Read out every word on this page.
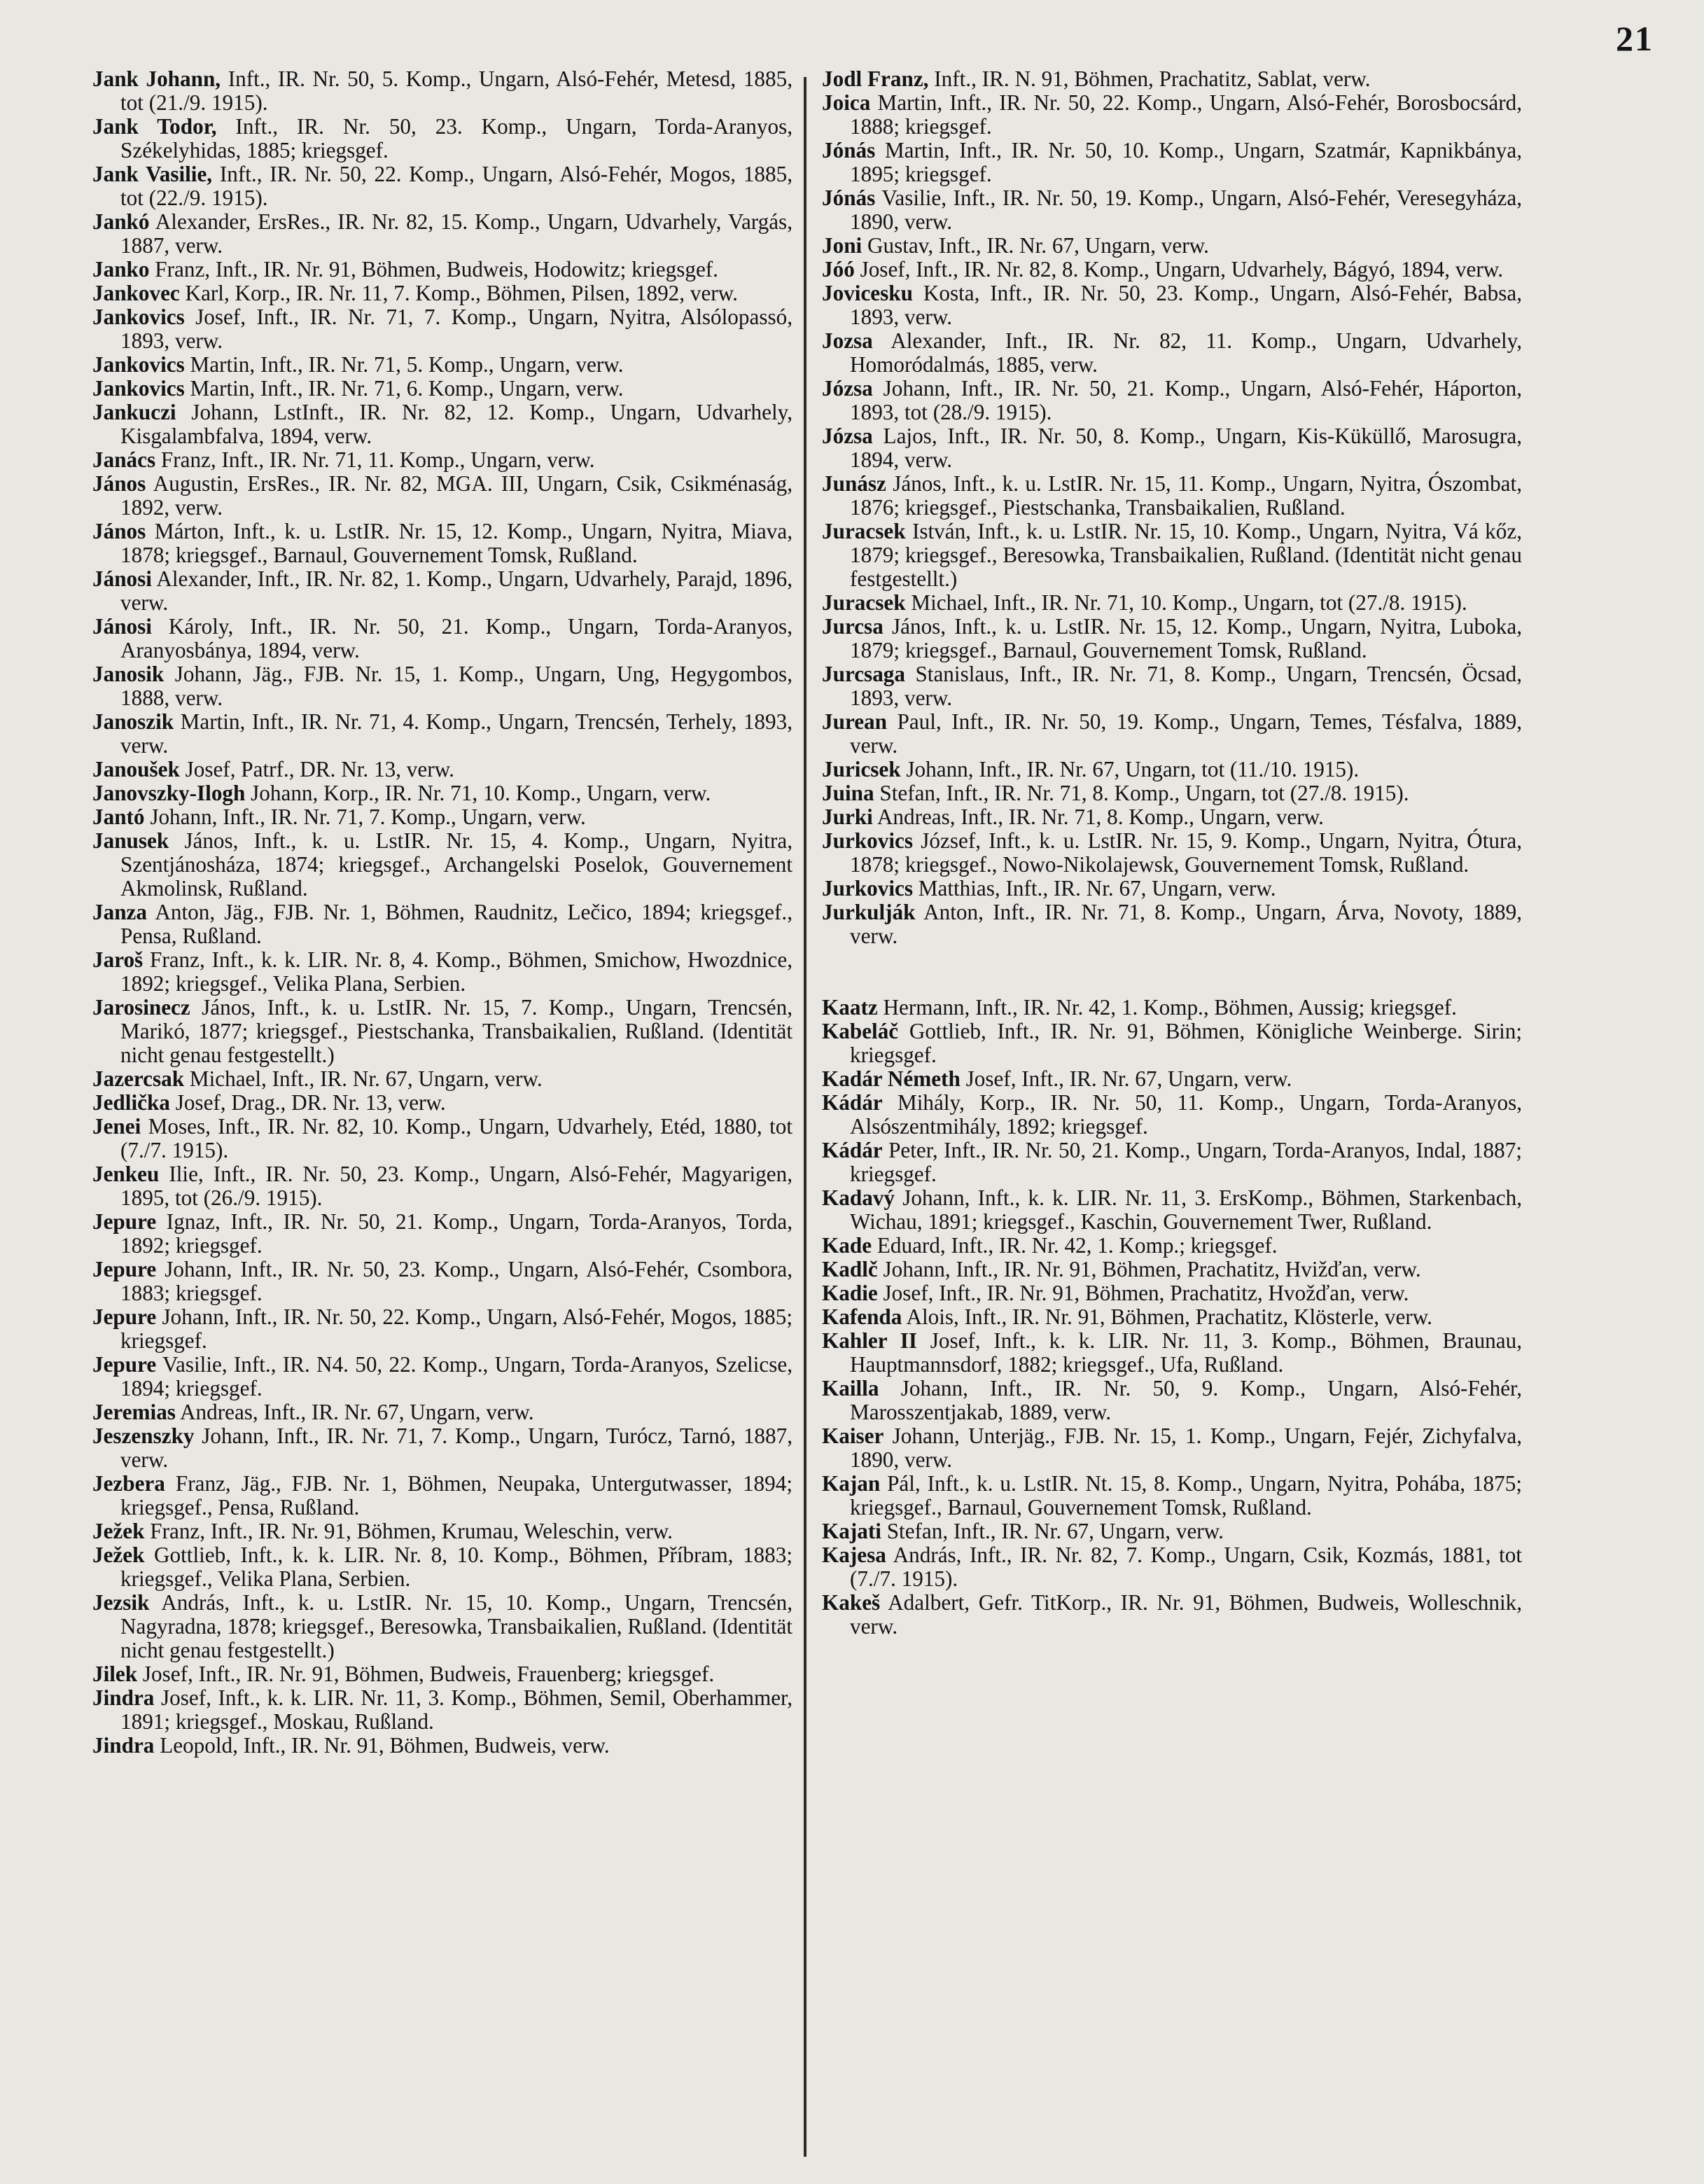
21

Jank Johann, Inft., IR. Nr. 50, 5. Komp., Ungarn, Alsó-Fehér, Metesd, 1885, tot (21./9. 1915).

Jank Todor, Inft., IR. Nr. 50, 23. Komp., Ungarn, Torda-Aranyos, Székelyhidas, 1885; kriegsgef.

Jank Vasilie, Inft., IR. Nr. 50, 22. Komp., Ungarn, Alsó-Fehér, Mogos, 1885, tot (22./9. 1915).

Jankó Alexander, ErsRes., IR. Nr. 82, 15. Komp., Ungarn, Udvarhely, Vargás, 1887, verw.

Janko Franz, Inft., IR. Nr. 91, Böhmen, Budweis, Hodowitz; kriegsgef.

Jankovec Karl, Korp., IR. Nr. 11, 7. Komp., Böhmen, Pilsen, 1892, verw.

Jankovics Josef, Inft., IR. Nr. 71, 7. Komp., Ungarn, Nyitra, Alsólopassó, 1893, verw.

Jankovics Martin, Inft., IR. Nr. 71, 5. Komp., Ungarn, verw.

Jankovics Martin, Inft., IR. Nr. 71, 6. Komp., Ungarn, verw.

Jankuczi Johann, LstInft., IR. Nr. 82, 12. Komp., Ungarn, Udvarhely, Kisgalambfalva, 1894, verw.

Janács Franz, Inft., IR. Nr. 71, 11. Komp., Ungarn, verw.

János Augustin, ErsRes., IR. Nr. 82, MGA. III, Ungarn, Csik, Csikménaság, 1892, verw.

János Márton, Inft., k. u. LstIR. Nr. 15, 12. Komp., Ungarn, Nyitra, Miava, 1878; kriegsgef., Barnaul, Gouvernement Tomsk, Rußland.

Jánosi Alexander, Inft., IR. Nr. 82, 1. Komp., Ungarn, Udvarhely, Parajd, 1896, verw.

Jánosi Károly, Inft., IR. Nr. 50, 21. Komp., Ungarn, Torda-Aranyos, Aranyosbánya, 1894, verw.

Janosik Johann, Jäg., FJB. Nr. 15, 1. Komp., Ungarn, Ung, Hegygombos, 1888, verw.

Janoszik Martin, Inft., IR. Nr. 71, 4. Komp., Ungarn, Trencsén, Terhely, 1893, verw.

Janoušek Josef, Patrf., DR. Nr. 13, verw.

Janovszky-Ilogh Johann, Korp., IR. Nr. 71, 10. Komp., Ungarn, verw.

Jantó Johann, Inft., IR. Nr. 71, 7. Komp., Ungarn, verw.

Janusek János, Inft., k. u. LstIR. Nr. 15, 4. Komp., Ungarn, Nyitra, Szentjánosháza, 1874; kriegsgef., Archangelski Poselok, Gouvernement Akmolinsk, Rußland.

Janza Anton, Jäg., FJB. Nr. 1, Böhmen, Raudnitz, Lečico, 1894; kriegsgef., Pensa, Rußland.

Jaroš Franz, Inft., k. k. LIR. Nr. 8, 4. Komp., Böhmen, Smichow, Hwozdnice, 1892; kriegsgef., Velika Plana, Serbien.

Jarosinecz János, Inft., k. u. LstIR. Nr. 15, 7. Komp., Ungarn, Trencsén, Marikó, 1877; kriegsgef., Piestschanka, Transbaikalien, Rußland. (Identität nicht genau festgestellt.)

Jazercsak Michael, Inft., IR. Nr. 67, Ungarn, verw.

Jedlička Josef, Drag., DR. Nr. 13, verw.

Jenei Moses, Inft., IR. Nr. 82, 10. Komp., Ungarn, Udvarhely, Etéd, 1880, tot (7./7. 1915).

Jenkeu Ilie, Inft., IR. Nr. 50, 23. Komp., Ungarn, Alsó-Fehér, Magyarigen, 1895, tot (26./9. 1915).

Jepure Ignaz, Inft., IR. Nr. 50, 21. Komp., Ungarn, Torda-Aranyos, Torda, 1892; kriegsgef.

Jepure Johann, Inft., IR. Nr. 50, 23. Komp., Ungarn, Alsó-Fehér, Csombora, 1883; kriegsgef.

Jepure Johann, Inft., IR. Nr. 50, 22. Komp., Ungarn, Alsó-Fehér, Mogos, 1885; kriegsgef.

Jepure Vasilie, Inft., IR. N4. 50, 22. Komp., Ungarn, Torda-Aranyos, Szelicse, 1894; kriegsgef.

Jeremias Andreas, Inft., IR. Nr. 67, Ungarn, verw.

Jeszenszky Johann, Inft., IR. Nr. 71, 7. Komp., Ungarn, Turócz, Tarnó, 1887, verw.

Jezbera Franz, Jäg., FJB. Nr. 1, Böhmen, Neupaka, Untergutwasser, 1894; kriegsgef., Pensa, Rußland.

Ježek Franz, Inft., IR. Nr. 91, Böhmen, Krumau, Weleschin, verw.

Ježek Gottlieb, Inft., k. k. LIR. Nr. 8, 10. Komp., Böhmen, Příbram, 1883; kriegsgef., Velika Plana, Serbien.

Jezsik András, Inft., k. u. LstIR. Nr. 15, 10. Komp., Ungarn, Trencsén, Nagyradna, 1878; kriegsgef., Beresowka, Transbaikalien, Rußland. (Identität nicht genau festgestellt.)

Jilek Josef, Inft., IR. Nr. 91, Böhmen, Budweis, Frauenberg; kriegsgef.

Jindra Josef, Inft., k. k. LIR. Nr. 11, 3. Komp., Böhmen, Semil, Oberhammer, 1891; kriegsgef., Moskau, Rußland.

Jindra Leopold, Inft., IR. Nr. 91, Böhmen, Budweis, verw.

Jodl Franz, Inft., IR. N. 91, Böhmen, Prachatitz, Sablat, verw.

Joica Martin, Inft., IR. Nr. 50, 22. Komp., Ungarn, Alsó-Fehér, Borosbocsárd, 1888; kriegsgef.

Jónás Martin, Inft., IR. Nr. 50, 10. Komp., Ungarn, Szatmár, Kapnikbánya, 1895; kriegsgef.

Jónás Vasilie, Inft., IR. Nr. 50, 19. Komp., Ungarn, Alsó-Fehér, Veresegyháza, 1890, verw.

Joni Gustav, Inft., IR. Nr. 67, Ungarn, verw.

Jóó Josef, Inft., IR. Nr. 82, 8. Komp., Ungarn, Udvarhely, Bágyó, 1894, verw.

Jovicesku Kosta, Inft., IR. Nr. 50, 23. Komp., Ungarn, Alsó-Fehér, Babsa, 1893, verw.

Jozsa Alexander, Inft., IR. Nr. 82, 11. Komp., Ungarn, Udvarhely, Homoródalmás, 1885, verw.

Józsa Johann, Inft., IR. Nr. 50, 21. Komp., Ungarn, Alsó-Fehér, Háporton, 1893, tot (28./9. 1915).

Józsa Lajos, Inft., IR. Nr. 50, 8. Komp., Ungarn, Kis-Küküllő, Marosugra, 1894, verw.

Junász János, Inft., k. u. LstIR. Nr. 15, 11. Komp., Ungarn, Nyitra, Ószombat, 1876; kriegsgef., Piestschanka, Transbaikalien, Rußland.

Juracsek István, Inft., k. u. LstIR. Nr. 15, 10. Komp., Ungarn, Nyitra, Vá kőz, 1879; kriegsgef., Beresowka, Transbaikalien, Rußland. (Identität nicht genau festgestellt.)

Juracsek Michael, Inft., IR. Nr. 71, 10. Komp., Ungarn, tot (27./8. 1915).

Jurcsa János, Inft., k. u. LstIR. Nr. 15, 12. Komp., Ungarn, Nyitra, Luboka, 1879; kriegsgef., Barnaul, Gouvernement Tomsk, Rußland.

Jurcsaga Stanislaus, Inft., IR. Nr. 71, 8. Komp., Ungarn, Trencsén, Öcsad, 1893, verw.

Jurean Paul, Inft., IR. Nr. 50, 19. Komp., Ungarn, Temes, Tésfalva, 1889, verw.

Juricsek Johann, Inft., IR. Nr. 67, Ungarn, tot (11./10. 1915).

Juina Stefan, Inft., IR. Nr. 71, 8. Komp., Ungarn, tot (27./8. 1915).

Jurki Andreas, Inft., IR. Nr. 71, 8. Komp., Ungarn, verw.

Jurkovics József, Inft., k. u. LstIR. Nr. 15, 9. Komp., Ungarn, Nyitra, Ótura, 1878; kriegsgef., Nowo-Nikolajewsk, Gouvernement Tomsk, Rußland.

Jurkovics Matthias, Inft., IR. Nr. 67, Ungarn, verw.

Jurkulják Anton, Inft., IR. Nr. 71, 8. Komp., Ungarn, Árva, Novoty, 1889, verw.

Kaatz Hermann, Inft., IR. Nr. 42, 1. Komp., Böhmen, Aussig; kriegsgef.

Kabeláč Gottlieb, Inft., IR. Nr. 91, Böhmen, Königliche Weinberge. Sirin; kriegsgef.

Kadár Németh Josef, Inft., IR. Nr. 67, Ungarn, verw.

Kádár Mihály, Korp., IR. Nr. 50, 11. Komp., Ungarn, Torda-Aranyos, Alsószentmihály, 1892; kriegsgef.

Kádár Peter, Inft., IR. Nr. 50, 21. Komp., Ungarn, Torda-Aranyos, Indal, 1887; kriegsgef.

Kadavý Johann, Inft., k. k. LIR. Nr. 11, 3. ErsKomp., Böhmen, Starkenbach, Wichau, 1891; kriegsgef., Kaschin, Gouvernement Twer, Rußland.

Kade Eduard, Inft., IR. Nr. 42, 1. Komp.; kriegsgef.

Kadlč Johann, Inft., IR. Nr. 91, Böhmen, Prachatitz, Hvižďan, verw.

Kadie Josef, Inft., IR. Nr. 91, Böhmen, Prachatitz, Hvožďan, verw.

Kafenda Alois, Inft., IR. Nr. 91, Böhmen, Prachatitz, Klösterle, verw.

Kahler II Josef, Inft., k. k. LIR. Nr. 11, 3. Komp., Böhmen, Braunau, Hauptmannsdorf, 1882; kriegsgef., Ufa, Rußland.

Kailla Johann, Inft., IR. Nr. 50, 9. Komp., Ungarn, Alsó-Fehér, Marosszentjakab, 1889, verw.

Kaiser Johann, Unterjäg., FJB. Nr. 15, 1. Komp., Ungarn, Fejér, Zichyfalva, 1890, verw.

Kajan Pál, Inft., k. u. LstIR. Nt. 15, 8. Komp., Ungarn, Nyitra, Pohába, 1875; kriegsgef., Barnaul, Gouvernement Tomsk, Rußland.

Kajati Stefan, Inft., IR. Nr. 67, Ungarn, verw.

Kajesa András, Inft., IR. Nr. 82, 7. Komp., Ungarn, Csik, Kozmás, 1881, tot (7./7. 1915).

Kakeš Adalbert, Gefr. TitKorp., IR. Nr. 91, Böhmen, Budweis, Wolleschnik, verw.
